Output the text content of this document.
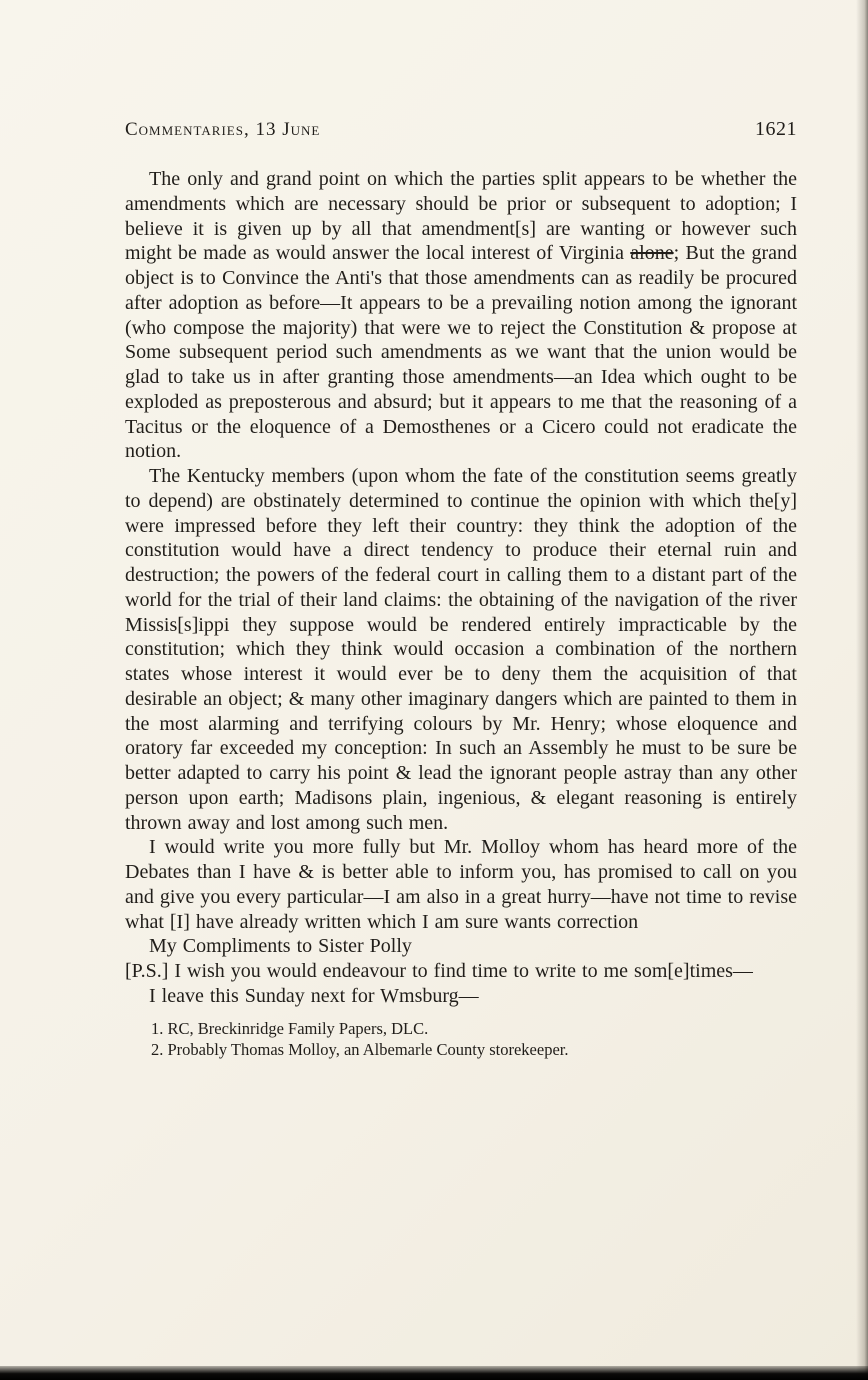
Commentaries, 13 June	1621

The only and grand point on which the parties split appears to be whether the amendments which are necessary should be prior or subsequent to adoption; I believe it is given up by all that amendment[s] are wanting or however such might be made as would answer the local interest of Virginia alone; But the grand object is to Convince the Anti's that those amendments can as readily be procured after adoption as before—It appears to be a prevailing notion among the ignorant (who compose the majority) that were we to reject the Constitution & propose at Some subsequent period such amendments as we want that the union would be glad to take us in after granting those amendments—an Idea which ought to be exploded as preposterous and absurd; but it appears to me that the reasoning of a Tacitus or the eloquence of a Demosthenes or a Cicero could not eradicate the notion.

The Kentucky members (upon whom the fate of the constitution seems greatly to depend) are obstinately determined to continue the opinion with which the[y] were impressed before they left their country: they think the adoption of the constitution would have a direct tendency to produce their eternal ruin and destruction; the powers of the federal court in calling them to a distant part of the world for the trial of their land claims: the obtaining of the navigation of the river Missis[s]ippi they suppose would be rendered entirely impracticable by the constitution; which they think would occasion a combination of the northern states whose interest it would ever be to deny them the acquisition of that desirable an object; & many other imaginary dangers which are painted to them in the most alarming and terrifying colours by Mr. Henry; whose eloquence and oratory far exceeded my conception: In such an Assembly he must to be sure be better adapted to carry his point & lead the ignorant people astray than any other person upon earth; Madisons plain, ingenious, & elegant reasoning is entirely thrown away and lost among such men.

I would write you more fully but Mr. Molloy whom has heard more of the Debates than I have & is better able to inform you, has promised to call on you and give you every particular—I am also in a great hurry—have not time to revise what [I] have already written which I am sure wants correction

My Compliments to Sister Polly

[P.S.] I wish you would endeavour to find time to write to me som[e]times—

I leave this Sunday next for Wmsburg—

1. RC, Breckinridge Family Papers, DLC.

2. Probably Thomas Molloy, an Albemarle County storekeeper.
